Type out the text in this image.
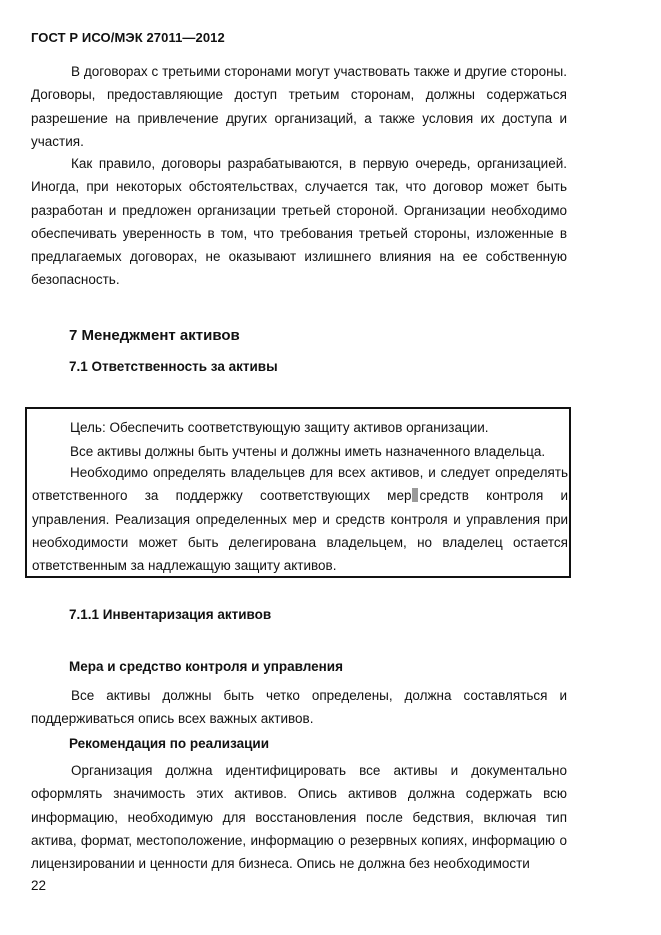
ГОСТ Р ИСО/МЭК 27011—2012

В договорах с третьими сторонами могут участвовать также и другие стороны. Договоры, предоставляющие доступ третьим сторонам, должны содержаться разрешение на привлечение других организаций, а также условия их доступа и участия.

Как правило, договоры разрабатываются, в первую очередь, организацией. Иногда, при некоторых обстоятельствах, случается так, что договор может быть разработан и предложен организации третьей стороной. Организации необходимо обеспечивать уверенность в том, что требования третьей стороны, изложенные в предлагаемых договорах, не оказывают излишнего влияния на ее собственную безопасность.

7 Менеджмент активов
7.1 Ответственность за активы
Цель: Обеспечить соответствующую защиту активов организации.
Все активы должны быть учтены и должны иметь назначенного владельца.
Необходимо определять владельцев для всех активов, и следует определять ответственного за поддержку соответствующих мер средств контроля и управления. Реализация определенных мер и средств контроля и управления при необходимости может быть делегирована владельцем, но владелец остается ответственным за надлежащую защиту активов.
7.1.1 Инвентаризация активов
Мера и средство контроля и управления

Все активы должны быть четко определены, должна составляться и поддерживаться опись всех важных активов.

Рекомендация по реализации

Организация должна идентифицировать все активы и документально оформлять значимость этих активов. Опись активов должна содержать всю информацию, необходимую для восстановления после бедствия, включая тип актива, формат, местоположение, информацию о резервных копиях, информацию о лицензировании и ценности для бизнеса. Опись не должна без необходимости

22
